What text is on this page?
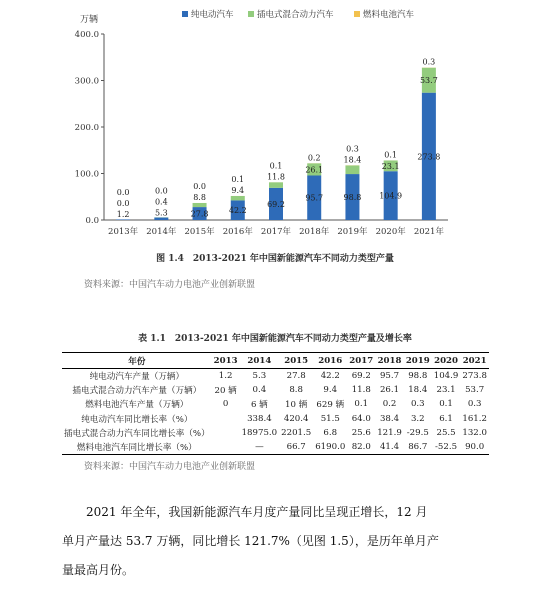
0.0
100.0
200.0
300.0
400.0
万辆	纯电动汽车	插电式混合动力汽车	燃料电池汽车
1.2
0.0
0.0
2013年
5.3
0.4
0.0
2014年
27.8
8.8
0.0
2015年
42.2
9.4
0.1
2016年
69.2
11.8
0.1
2017年
95.7
26.1
0.2
2018年
98.8
18.4
0.3
2019年
104.9
23.1
0.1
2020年
273.8
53.7
0.3
2021年
图 1.4　2013-2021 年中国新能源汽车不同动力类型产量
资料来源：中国汽车动力电池产业创新联盟
表 1.1　2013-2021 年中国新能源汽车不同动力类型产量及增长率
年份	2013	2014	2015	2016	2017	2018	2019	2020	2021
纯电动汽车产量（万辆）	1.2	5.3	27.8	42.2	69.2	95.7	98.8	104.9	273.8
插电式混合动力汽车产量（万辆）	20 辆	0.4	8.8	9.4	11.8	26.1	18.4	23.1	53.7
燃料电池汽车产量（万辆）	0	6 辆	10 辆	629 辆	0.1	0.2	0.3	0.1	0.3
纯电动汽车同比增长率（%）		338.4	420.4	51.5	64.0	38.4	3.2	6.1	161.2
插电式混合动力汽车同比增长率（%）		18975.0	2201.5	6.8	25.6	121.9	-29.5	25.5	132.0
燃料电池汽车同比增长率（%）		—	66.7	6190.0	82.0	41.4	86.7	-52.5	90.0
资料来源：中国汽车动力电池产业创新联盟
　　2021 年全年，我国新能源汽车月度产量同比呈现正增长，12 月
单月产量达 53.7 万辆，同比增长 121.7%（见图 1.5），是历年单月产
量最高月份。
